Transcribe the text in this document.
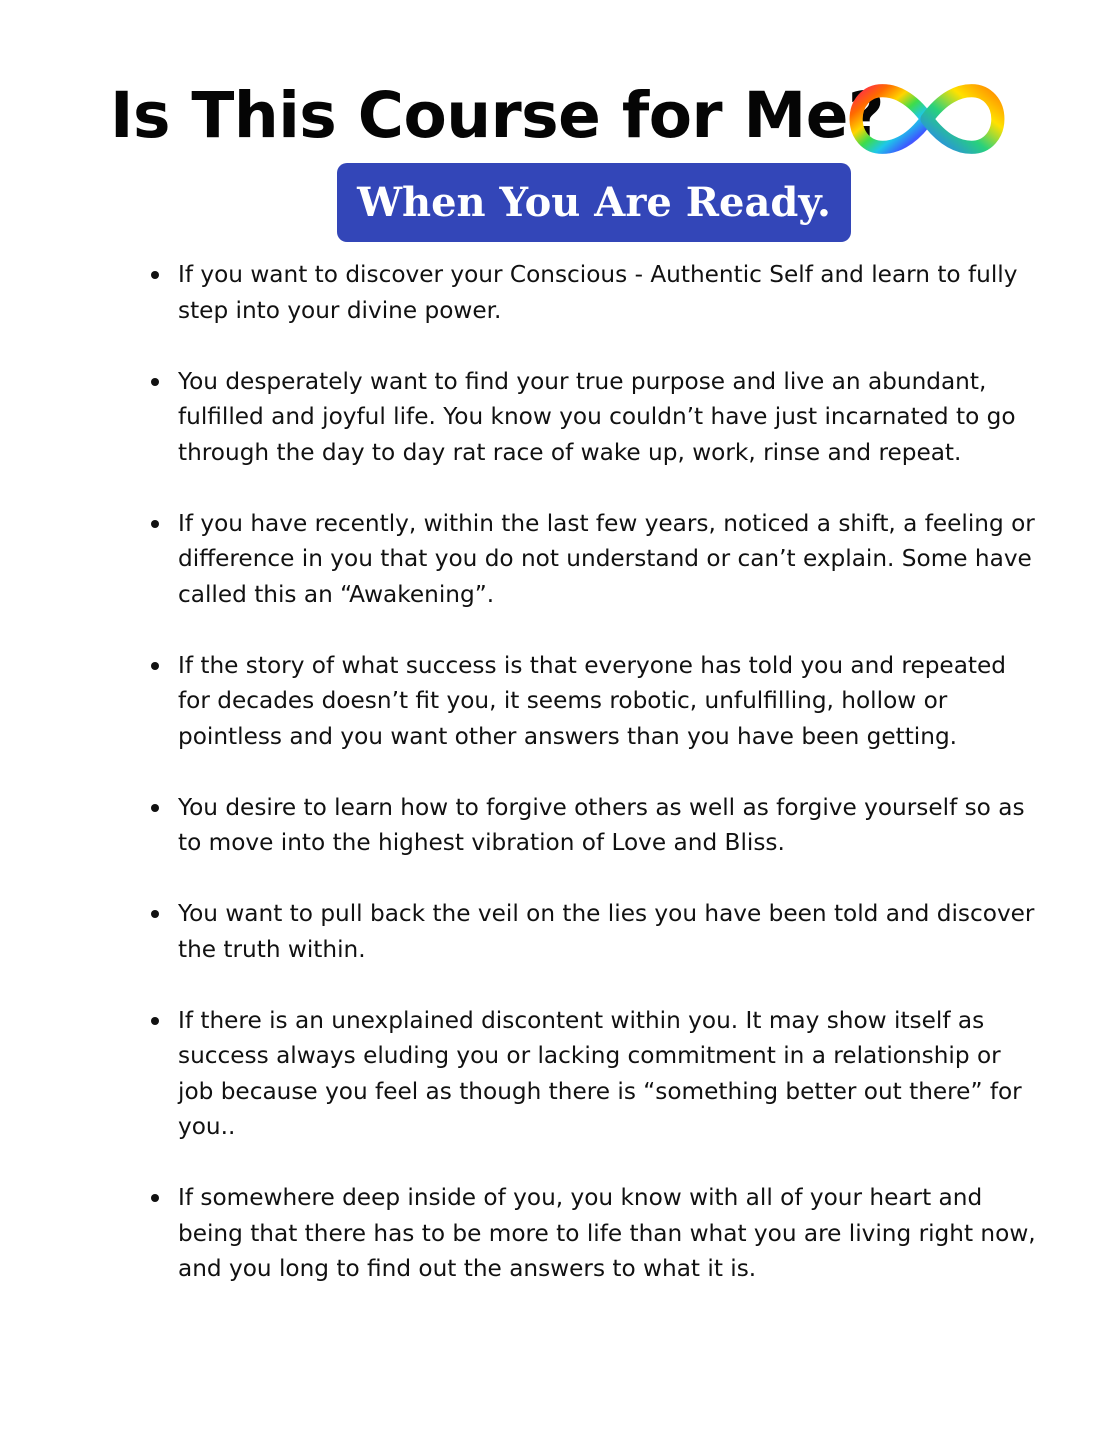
Is This Course for Me?
When You Are Ready.
If you want to discover your Conscious - Authentic Self and learn to fully step into your divine power.
You desperately want to find your true purpose and live an abundant, fulfilled and joyful life. You know you couldn’t have just incarnated to go through the day to day rat race of wake up, work, rinse and repeat.
If you have recently, within the last few years, noticed a shift, a feeling or difference in you that you do not understand or can’t explain. Some have called this an “Awakening”.
If the story of what success is that everyone has told you and repeated for decades doesn’t fit you, it seems robotic, unfulfilling, hollow or pointless and you want other answers than you have been getting.
You desire to learn how to forgive others as well as forgive yourself so as to move into the highest vibration of Love and Bliss.
You want to pull back the veil on the lies you have been told and discover the truth within.
If there is an unexplained discontent within you. It may show itself as success always eluding you or lacking commitment in a relationship or job because you feel as though there is “something better out there” for you..
If somewhere deep inside of you, you know with all of your heart and being that there has to be more to life than what you are living right now, and you long to find out the answers to what it is.
